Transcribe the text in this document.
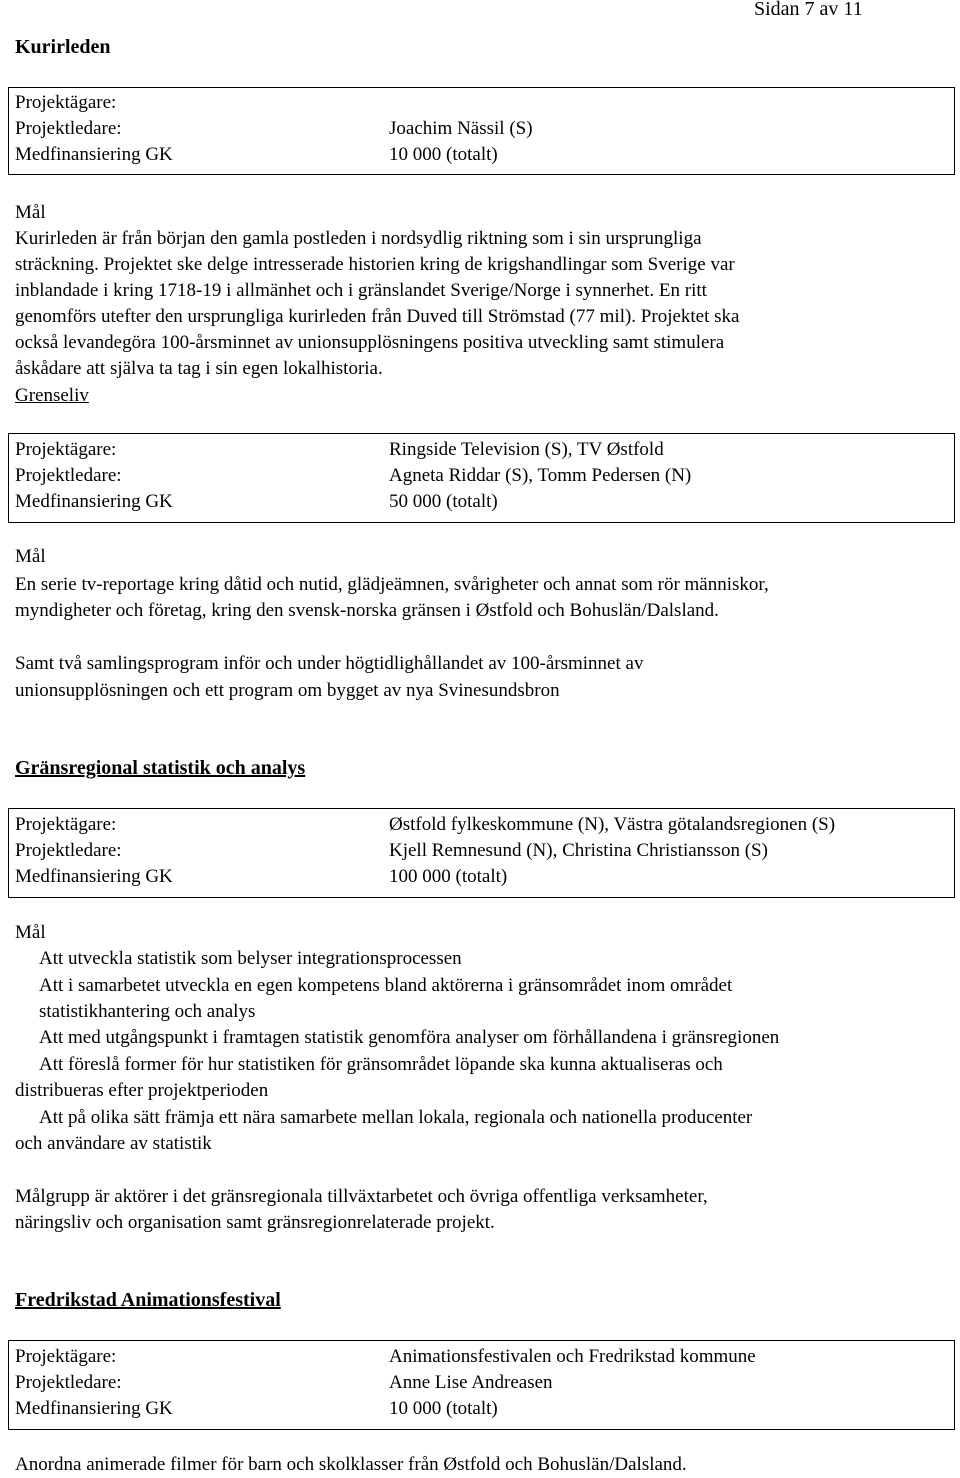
Sidan 7 av 11
Kurirleden
Projektägare:
Projektledare:	Joachim Nässil (S)
Medfinansiering GK	10 000 (totalt)
Mål
Kurirleden är från början den gamla postleden i nordsydlig riktning som i sin ursprungliga
sträckning. Projektet ske delge intresserade historien kring de krigshandlingar som Sverige var
inblandade i kring 1718-19 i allmänhet och i gränslandet Sverige/Norge i synnerhet. En ritt
genomförs utefter den ursprungliga kurirleden från Duved till Strömstad (77 mil). Projektet ska
också levandegöra 100-årsminnet av unionsupplösningens positiva utveckling samt stimulera
åskådare att själva ta tag i sin egen lokalhistoria.
Grenseliv
Projektägare:	Ringside Television (S), TV Østfold
Projektledare:	Agneta Riddar (S), Tomm Pedersen (N)
Medfinansiering GK	50 000 (totalt)
Mål
En serie tv-reportage kring dåtid och nutid, glädjeämnen, svårigheter och annat som rör människor,
myndigheter och företag, kring den svensk-norska gränsen i Østfold och Bohuslän/Dalsland.
Samt två samlingsprogram inför och under högtidlighållandet av 100-årsminnet av
unionsupplösningen och ett program om bygget av nya Svinesundsbron
Gränsregional statistik och analys
Projektägare:	Østfold fylkeskommune (N), Västra götalandsregionen (S)
Projektledare:	Kjell Remnesund (N), Christina Christiansson (S)
Medfinansiering GK	100 000 (totalt)
Mål
Att utveckla statistik som belyser integrationsprocessen
Att i samarbetet utveckla en egen kompetens bland aktörerna i gränsområdet inom området
statistikhantering och analys
Att med utgångspunkt i framtagen statistik genomföra analyser om förhållandena i gränsregionen
Att föreslå former för hur statistiken för gränsområdet löpande ska kunna aktualiseras och
distribueras efter projektperioden
Att på olika sätt främja ett nära samarbete mellan lokala, regionala och nationella producenter
och användare av statistik
Målgrupp är aktörer i det gränsregionala tillväxtarbetet och övriga offentliga verksamheter,
näringsliv och organisation samt gränsregionrelaterade projekt.
Fredrikstad Animationsfestival
Projektägare:	Animationsfestivalen och Fredrikstad kommune
Projektledare:	Anne Lise Andreasen
Medfinansiering GK	10 000 (totalt)
Anordna animerade filmer för barn och skolklasser från Østfold och Bohuslän/Dalsland.
